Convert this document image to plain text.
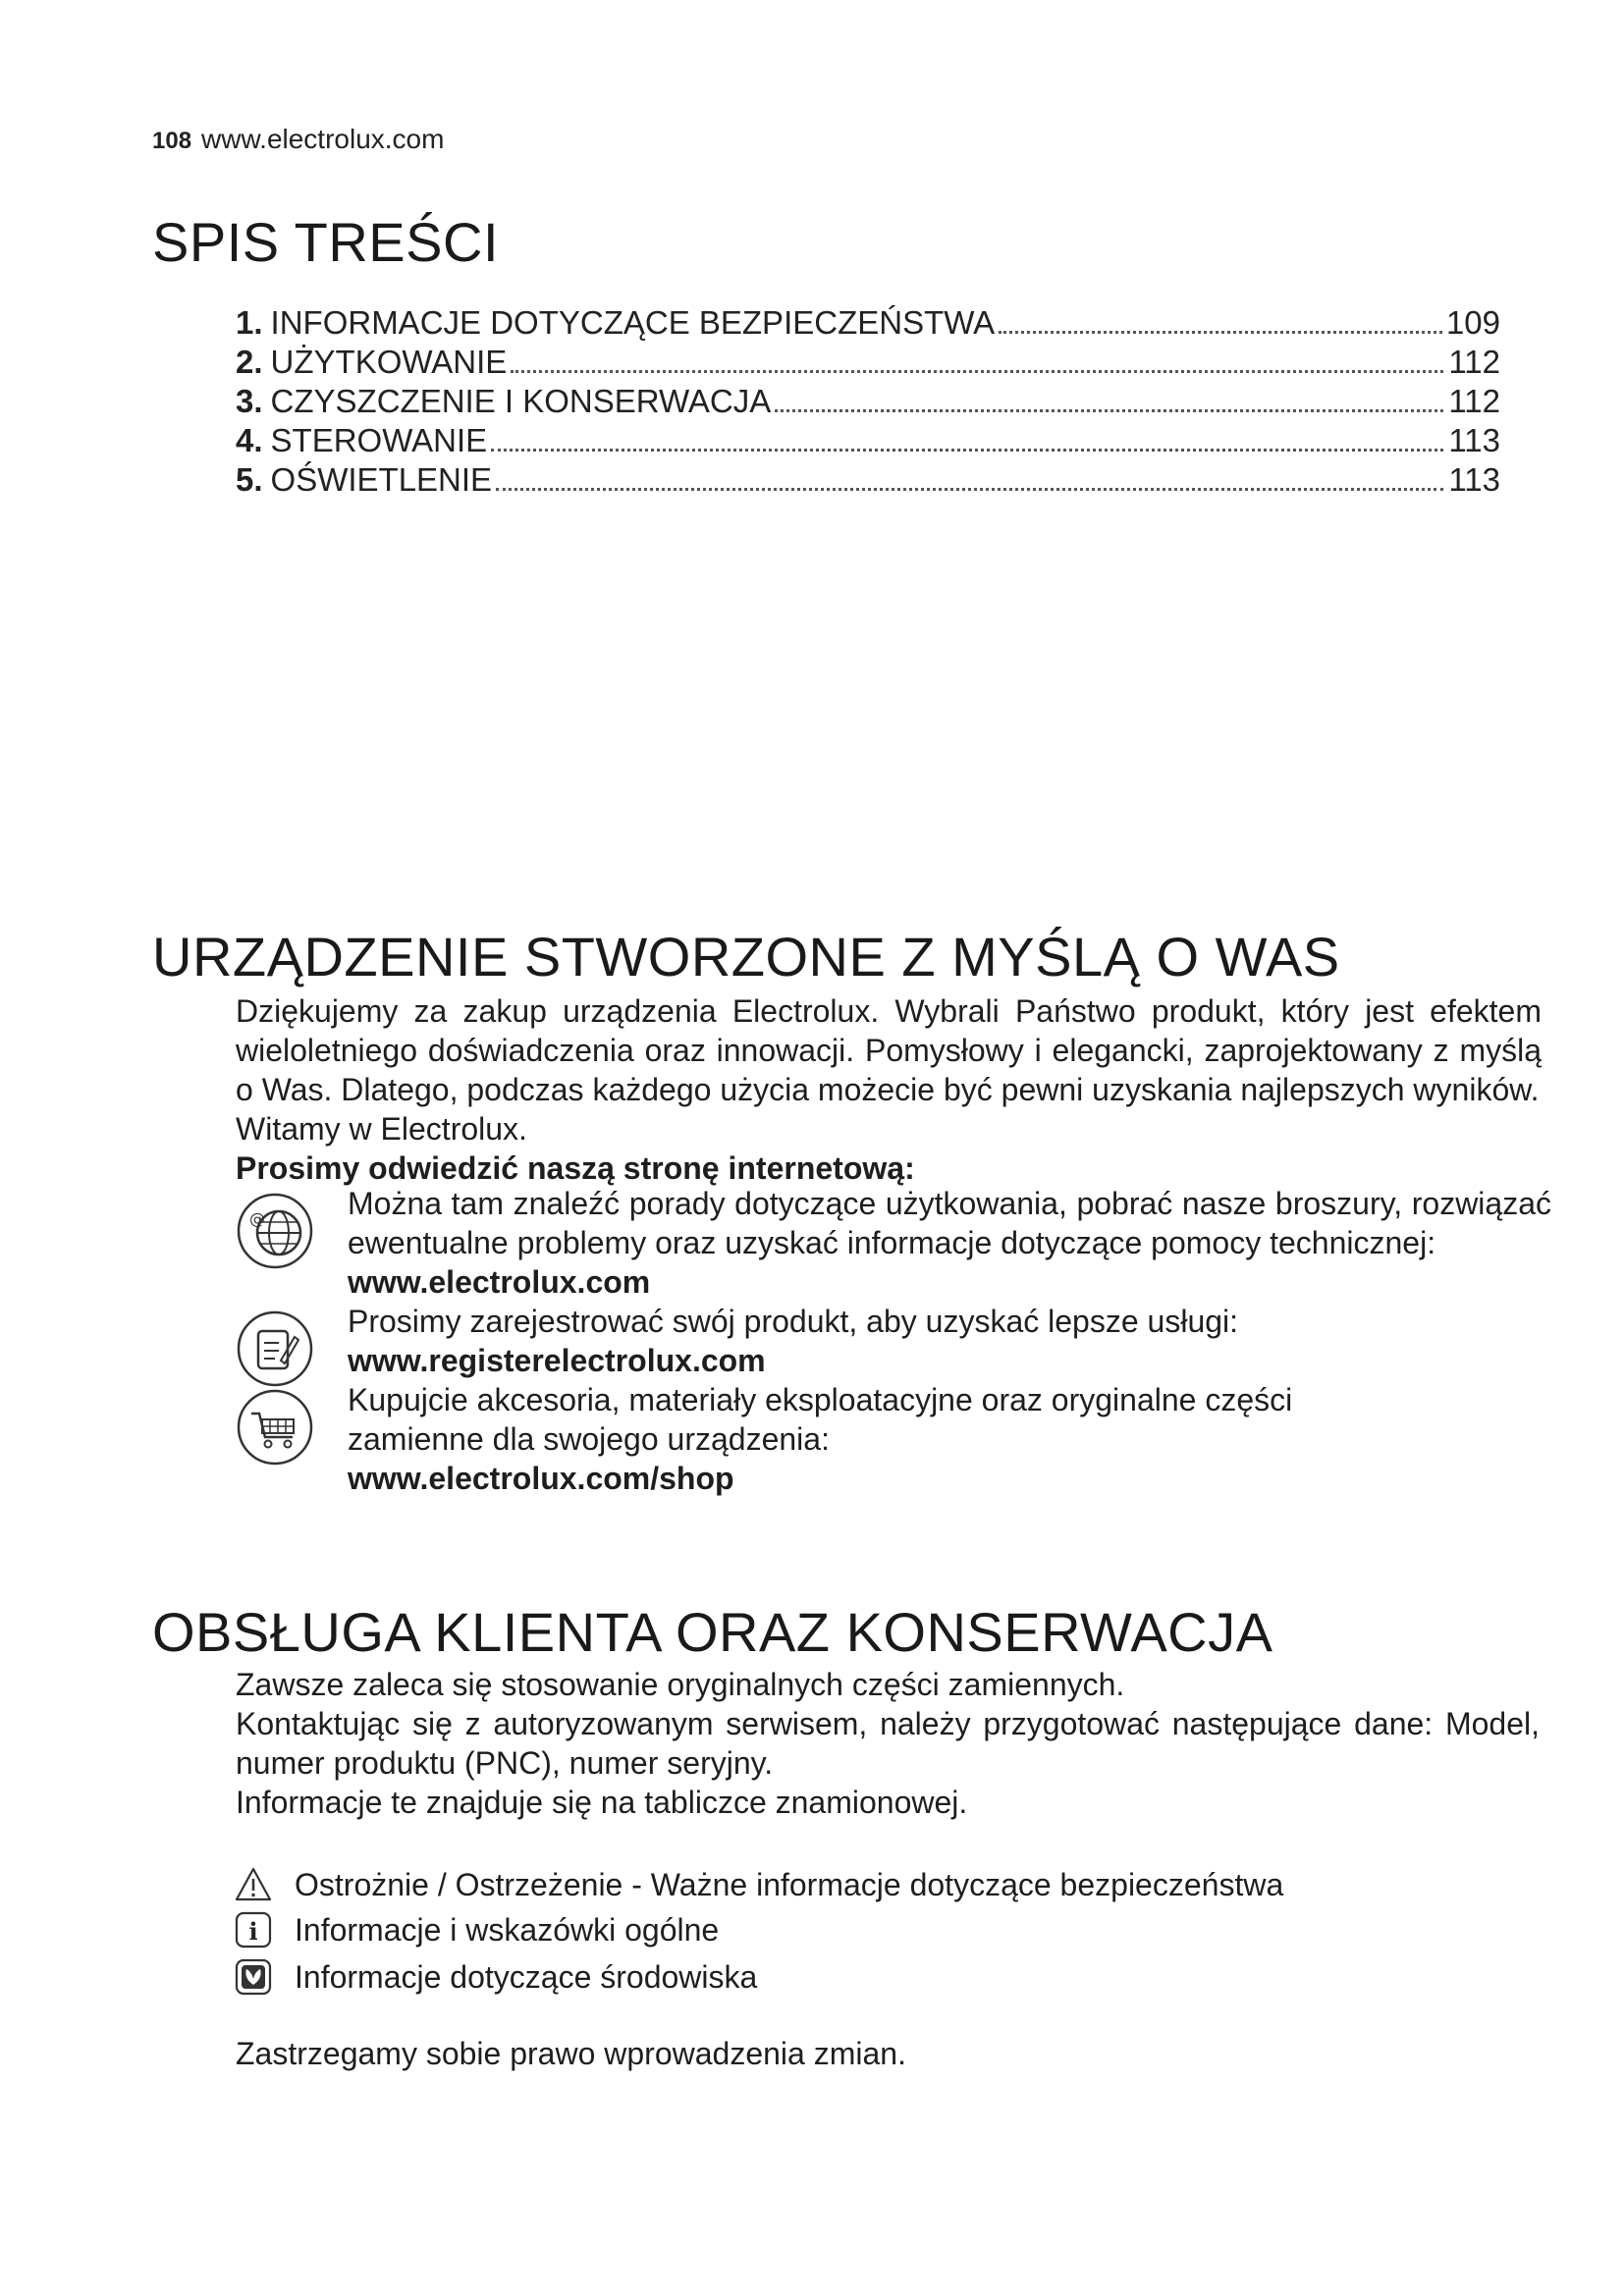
108 www.electrolux.com
SPIS TREŚCI
1. INFORMACJE DOTYCZĄCE BEZPIECZEŃSTWA	109
2. UŻYTKOWANIE	112
3. CZYSZCZENIE I KONSERWACJA	112
4. STEROWANIE	113
5. OŚWIETLENIE	113
URZĄDZENIE STWORZONE Z MYŚLĄ O WAS
Dziękujemy za zakup urządzenia Electrolux. Wybrali Państwo produkt, który jest efektem wieloletniego doświadczenia oraz innowacji. Pomysłowy i elegancki, zaprojektowany z myślą o Was. Dlatego, podczas każdego użycia możecie być pewni uzyskania najlepszych wyników.
Witamy w Electrolux.
Prosimy odwiedzić naszą stronę internetową:
@	Można tam znaleźć porady dotyczące użytkowania, pobrać nasze broszury, rozwiązać ewentualne problemy oraz uzyskać informacje dotyczące pomocy technicznej:
www.electrolux.com
Prosimy zarejestrować swój produkt, aby uzyskać lepsze usługi:
www.registerelectrolux.com
Kupujcie akcesoria, materiały eksploatacyjne oraz oryginalne części zamienne dla swojego urządzenia:
www.electrolux.com/shop
OBSŁUGA KLIENTA ORAZ KONSERWACJA
Zawsze zaleca się stosowanie oryginalnych części zamiennych.
Kontaktując się z autoryzowanym serwisem, należy przygotować następujące dane: Model, numer produktu (PNC), numer seryjny.
Informacje te znajduje się na tabliczce znamionowej.
Ostrożnie / Ostrzeżenie - Ważne informacje dotyczące bezpieczeństwa
i Informacje i wskazówki ogólne
Informacje dotyczące środowiska
Zastrzegamy sobie prawo wprowadzenia zmian.
